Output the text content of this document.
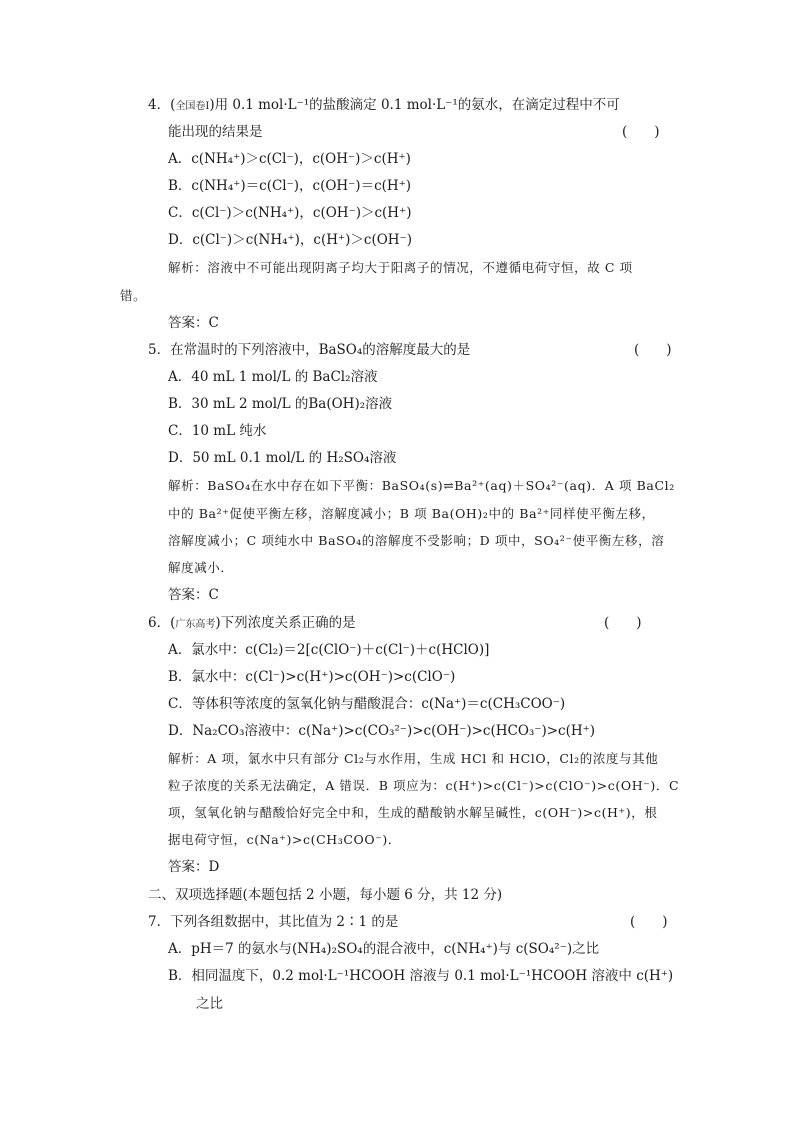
4．(全国卷Ⅰ)用 0.1 mol·L⁻¹的盐酸滴定 0.1 mol·L⁻¹的氨水，在滴定过程中不可
能出现的结果是	(　　)
A．c(NH₄⁺)＞c(Cl⁻)，c(OH⁻)＞c(H⁺)
B．c(NH₄⁺)＝c(Cl⁻)，c(OH⁻)＝c(H⁺)
C．c(Cl⁻)＞c(NH₄⁺)，c(OH⁻)＞c(H⁺)
D．c(Cl⁻)＞c(NH₄⁺)，c(H⁺)＞c(OH⁻)
解析：溶液中不可能出现阴离子均大于阳离子的情况，不遵循电荷守恒，故 C 项
错。
答案：C
5．在常温时的下列溶液中，BaSO₄的溶解度最大的是	(　　)
A．40 mL 1 mol/L 的 BaCl₂溶液
B．30 mL 2 mol/L 的Ba(OH)₂溶液
C．10 mL 纯水
D．50 mL 0.1 mol/L 的 H₂SO₄溶液
解析：BaSO₄在水中存在如下平衡：BaSO₄(s)⇌Ba²⁺(aq)＋SO₄²⁻(aq)．A 项 BaCl₂
中的 Ba²⁺促使平衡左移，溶解度减小；B 项 Ba(OH)₂中的 Ba²⁺同样使平衡左移，
溶解度减小；C 项纯水中 BaSO₄的溶解度不受影响；D 项中，SO₄²⁻使平衡左移，溶
解度减小．
答案：C
6．(广东高考)下列浓度关系正确的是	(　　)
A．氯水中：c(Cl₂)＝2[c(ClO⁻)＋c(Cl⁻)＋c(HClO)]
B．氯水中：c(Cl⁻)>c(H⁺)>c(OH⁻)>c(ClO⁻)
C．等体积等浓度的氢氧化钠与醋酸混合：c(Na⁺)＝c(CH₃COO⁻)
D．Na₂CO₃溶液中：c(Na⁺)>c(CO₃²⁻)>c(OH⁻)>c(HCO₃⁻)>c(H⁺)
解析：A 项，氯水中只有部分 Cl₂与水作用，生成 HCl 和 HClO，Cl₂的浓度与其他
粒子浓度的关系无法确定，A 错误．B 项应为：c(H⁺)>c(Cl⁻)>c(ClO⁻)>c(OH⁻)．C
项，氢氧化钠与醋酸恰好完全中和，生成的醋酸钠水解呈碱性，c(OH⁻)>c(H⁺)，根
据电荷守恒，c(Na⁺)>c(CH₃COO⁻)．
答案：D
二、双项选择题(本题包括 2 小题，每小题 6 分，共 12 分)
7．下列各组数据中，其比值为 2∶1 的是	(　　)
A．pH＝7 的氨水与(NH₄)₂SO₄的混合液中，c(NH₄⁺)与 c(SO₄²⁻)之比
B．相同温度下，0.2 mol·L⁻¹HCOOH 溶液与 0.1 mol·L⁻¹HCOOH 溶液中 c(H⁺)
之比
